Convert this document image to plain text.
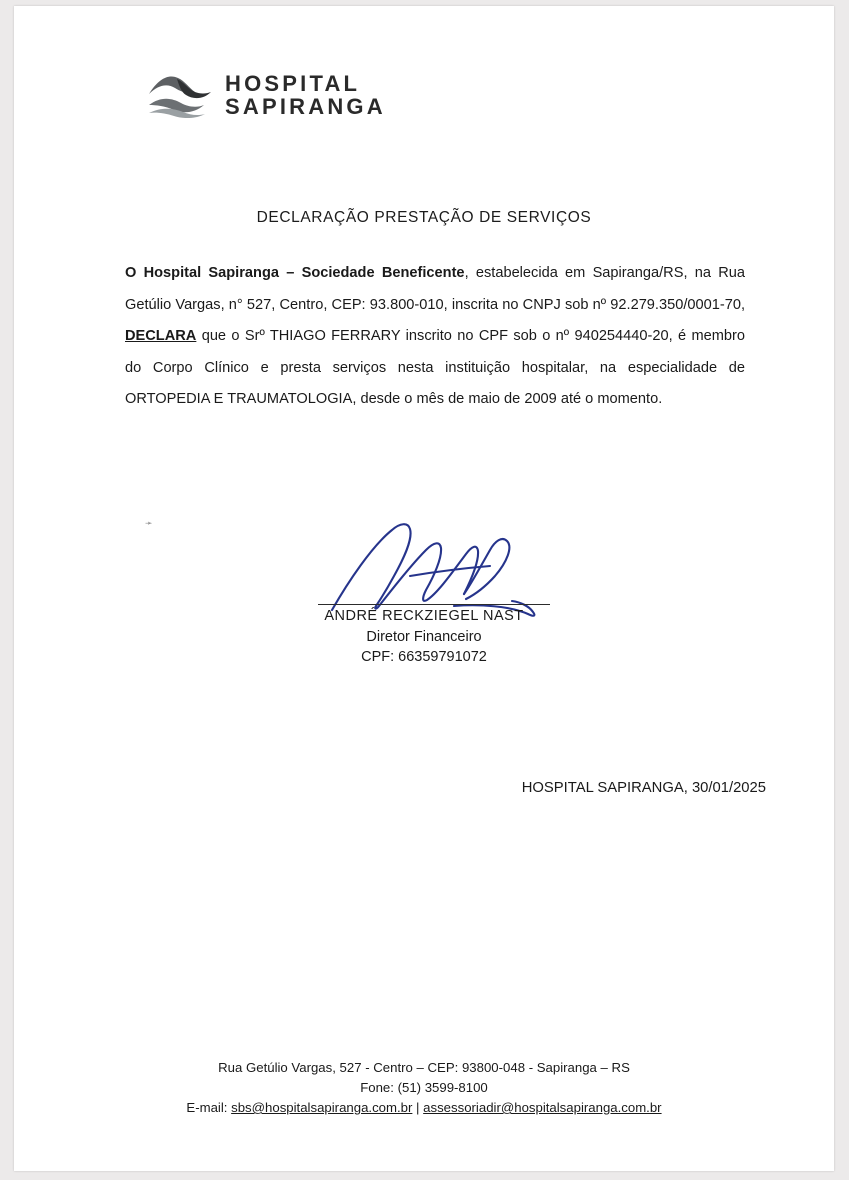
HOSPITAL
SAPIRANGA
DECLARAÇÃO PRESTAÇÃO DE SERVIÇOS
O Hospital Sapiranga – Sociedade Beneficente, estabelecida em Sapiranga/RS, na Rua Getúlio Vargas, n° 527, Centro, CEP: 93.800-010, inscrita no CNPJ sob nº 92.279.350/0001-70, DECLARA que o Srº THIAGO FERRARY inscrito no CPF sob o nº 940254440-20, é membro do Corpo Clínico e presta serviços nesta instituição hospitalar, na especialidade de ORTOPEDIA E TRAUMATOLOGIA, desde o mês de maio de 2009 até o momento.
➛
ANDRÉ RECKZIEGEL NAST
Diretor Financeiro
CPF: 66359791072
HOSPITAL SAPIRANGA, 30/01/2025
Rua Getúlio Vargas, 527 - Centro – CEP: 93800-048 - Sapiranga – RS
Fone: (51) 3599-8100
E-mail: sbs@hospitalsapiranga.com.br | assessoriadir@hospitalsapiranga.com.br
